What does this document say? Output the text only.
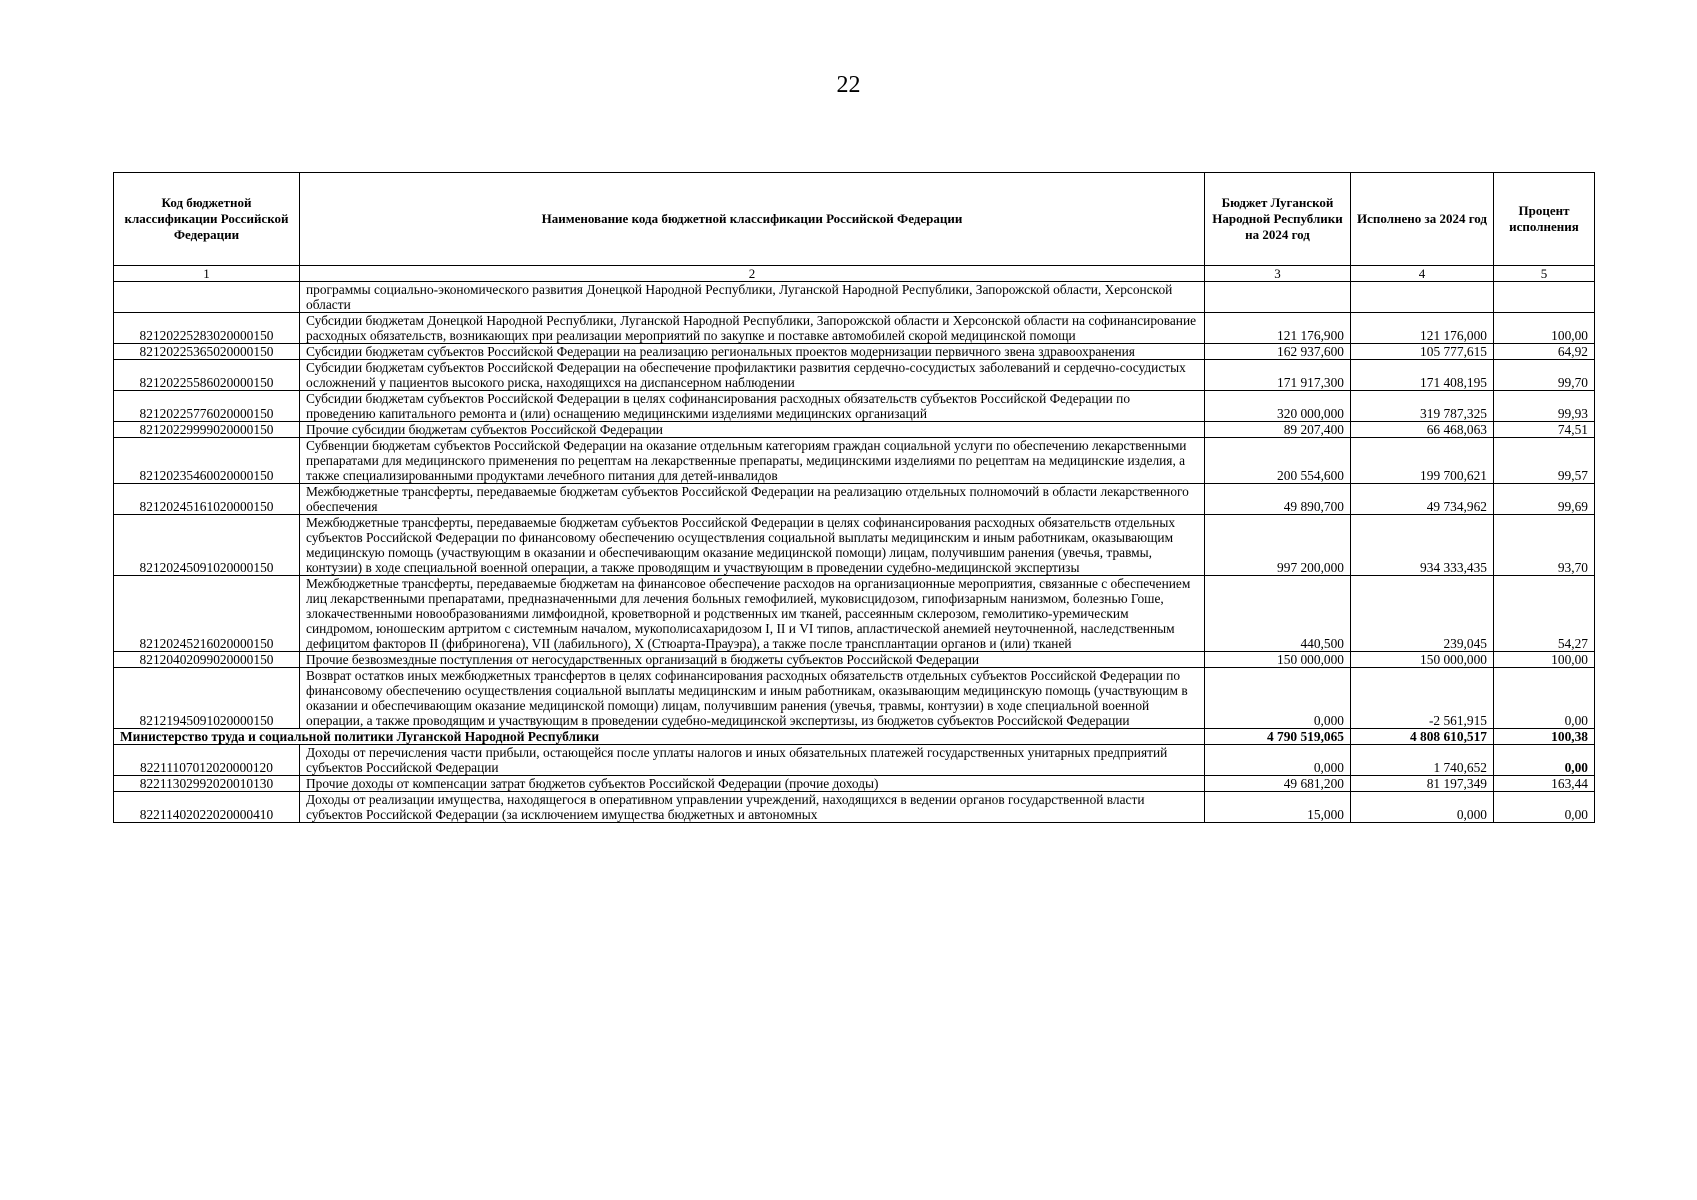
22
Код бюджетной классификации Российской Федерации	Наименование кода бюджетной классификации Российской Федерации	Бюджет Луганской Народной Республики на 2024 год	Исполнено за 2024 год	Процент исполнения
1	2	3	4	5
	программы социально-экономического развития Донецкой Народной Республики, Луганской Народной Республики, Запорожской области, Херсонской области			
82120225283020000150	Субсидии бюджетам Донецкой Народной Республики, Луганской Народной Республики, Запорожской области и Херсонской области на софинансирование расходных обязательств, возникающих при реализации мероприятий по закупке и поставке автомобилей скорой медицинской помощи	121 176,900	121 176,000	100,00
82120225365020000150	Субсидии бюджетам субъектов Российской Федерации на реализацию региональных проектов модернизации первичного звена здравоохранения	162 937,600	105 777,615	64,92
82120225586020000150	Субсидии бюджетам субъектов Российской Федерации на обеспечение профилактики развития сердечно-сосудистых заболеваний и сердечно-сосудистых осложнений у пациентов высокого риска, находящихся на диспансерном наблюдении	171 917,300	171 408,195	99,70
82120225776020000150	Субсидии бюджетам субъектов Российской Федерации в целях софинансирования расходных обязательств субъектов Российской Федерации по проведению капитального ремонта и (или) оснащению медицинскими изделиями медицинских организаций	320 000,000	319 787,325	99,93
82120229999020000150	Прочие субсидии бюджетам субъектов Российской Федерации	89 207,400	66 468,063	74,51
82120235460020000150	Субвенции бюджетам субъектов Российской Федерации на оказание отдельным категориям граждан социальной услуги по обеспечению лекарственными препаратами для медицинского применения по рецептам на лекарственные препараты, медицинскими изделиями по рецептам на медицинские изделия, а также специализированными продуктами лечебного питания для детей-инвалидов	200 554,600	199 700,621	99,57
82120245161020000150	Межбюджетные трансферты, передаваемые бюджетам субъектов Российской Федерации на реализацию отдельных полномочий в области лекарственного обеспечения	49 890,700	49 734,962	99,69
82120245091020000150	Межбюджетные трансферты, передаваемые бюджетам субъектов Российской Федерации в целях софинансирования расходных обязательств отдельных субъектов Российской Федерации по финансовому обеспечению осуществления социальной выплаты медицинским и иным работникам, оказывающим медицинскую помощь (участвующим в оказании и обеспечивающим оказание медицинской помощи) лицам, получившим ранения (увечья, травмы, контузии) в ходе специальной военной операции, а также проводящим и участвующим в проведении судебно-медицинской экспертизы	997 200,000	934 333,435	93,70
82120245216020000150	Межбюджетные трансферты, передаваемые бюджетам на финансовое обеспечение расходов на организационные мероприятия, связанные с обеспечением лиц лекарственными препаратами, предназначенными для лечения больных гемофилией, муковисцидозом, гипофизарным нанизмом, болезнью Гоше, злокачественными новообразованиями лимфоидной, кроветворной и родственных им тканей, рассеянным склерозом, гемолитико-уремическим синдромом, юношеским артритом с системным началом, мукополисахаридозом I, II и VI типов, апластической анемией неуточненной, наследственным дефицитом факторов II (фибриногена), VII (лабильного), X (Стюарта-Прауэра), а также после трансплантации органов и (или) тканей	440,500	239,045	54,27
82120402099020000150	Прочие безвозмездные поступления от негосударственных организаций в бюджеты субъектов Российской Федерации	150 000,000	150 000,000	100,00
82121945091020000150	Возврат остатков иных межбюджетных трансфертов в целях софинансирования расходных обязательств отдельных субъектов Российской Федерации по финансовому обеспечению осуществления социальной выплаты медицинским и иным работникам, оказывающим медицинскую помощь (участвующим в оказании и обеспечивающим оказание медицинской помощи) лицам, получившим ранения (увечья, травмы, контузии) в ходе специальной военной операции, а также проводящим и участвующим в проведении судебно-медицинской экспертизы, из бюджетов субъектов Российской Федерации	0,000	-2 561,915	0,00
Министерство труда и социальной политики Луганской Народной Республики		4 790 519,065	4 808 610,517	100,38
82211107012020000120	Доходы от перечисления части прибыли, остающейся после уплаты налогов и иных обязательных платежей государственных унитарных предприятий субъектов Российской Федерации	0,000	1 740,652	0,00
82211302992020010130	Прочие доходы от компенсации затрат бюджетов субъектов Российской Федерации (прочие доходы)	49 681,200	81 197,349	163,44
82211402022020000410	Доходы от реализации имущества, находящегося в оперативном управлении учреждений, находящихся в ведении органов государственной власти субъектов Российской Федерации (за исключением имущества бюджетных и автономных	15,000	0,000	0,00
